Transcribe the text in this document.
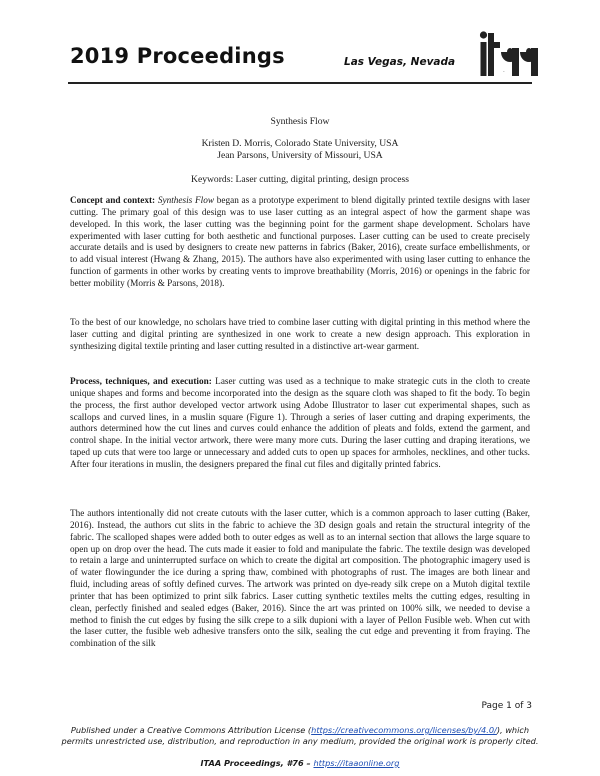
2019 Proceedings	Las Vegas, Nevada
itaa
Synthesis Flow
Kristen D. Morris, Colorado State University, USA
Jean Parsons, University of Missouri, USA
Keywords: Laser cutting, digital printing, design process

Concept and context: Synthesis Flow began as a prototype experiment to blend digitally printed textile designs with laser cutting. The primary goal of this design was to use laser cutting as an integral aspect of how the garment shape was developed. In this work, the laser cutting was the beginning point for the garment shape development. Scholars have experimented with laser cutting for both aesthetic and functional purposes. Laser cutting can be used to create precisely accurate details and is used by designers to create new patterns in fabrics (Baker, 2016), create surface embellishments, or to add visual interest (Hwang & Zhang, 2015). The authors have also experimented with using laser cutting to enhance the function of garments in other works by creating vents to improve breathability (Morris, 2016) or openings in the fabric for better mobility (Morris & Parsons, 2018).

To the best of our knowledge, no scholars have tried to combine laser cutting with digital printing in this method where the laser cutting and digital printing are synthesized in one work to create a new design approach. This exploration in synthesizing digital textile printing and laser cutting resulted in a distinctive art-wear garment.

Process, techniques, and execution: Laser cutting was used as a technique to make strategic cuts in the cloth to create unique shapes and forms and become incorporated into the design as the square cloth was shaped to fit the body. To begin the process, the first author developed vector artwork using Adobe Illustrator to laser cut experimental shapes, such as scallops and curved lines, in a muslin square (Figure 1). Through a series of laser cutting and draping experiments, the authors determined how the cut lines and curves could enhance the addition of pleats and folds, extend the garment, and control shape. In the initial vector artwork, there were many more cuts. During the laser cutting and draping iterations, we taped up cuts that were too large or unnecessary and added cuts to open up spaces for armholes, necklines, and other tucks. After four iterations in muslin, the designers prepared the final cut files and digitally printed fabrics.

The authors intentionally did not create cutouts with the laser cutter, which is a common approach to laser cutting (Baker, 2016). Instead, the authors cut slits in the fabric to achieve the 3D design goals and retain the structural integrity of the fabric. The scalloped shapes were added both to outer edges as well as to an internal section that allows the large square to open up on drop over the head. The cuts made it easier to fold and manipulate the fabric. The textile design was developed to retain a large and uninterrupted surface on which to create the digital art composition. The photographic imagery used is of water flowingunder the ice during a spring thaw, combined with photographs of rust. The images are both linear and fluid, including areas of softly defined curves. The artwork was printed on dye-ready silk crepe on a Mutoh digital textile printer that has been optimized to print silk fabrics. Laser cutting synthetic textiles melts the cutting edges, resulting in clean, perfectly finished and sealed edges (Baker, 2016). Since the art was printed on 100% silk, we needed to devise a method to finish the cut edges by fusing the silk crepe to a silk dupioni with a layer of Pellon Fusible web. When cut with the laser cutter, the fusible web adhesive transfers onto the silk, sealing the cut edge and preventing it from fraying. The combination of the silk

Page 1 of 3
Published under a Creative Commons Attribution License (https://creativecommons.org/licenses/by/4.0/), which permits unrestricted use, distribution, and reproduction in any medium, provided the original work is properly cited.
ITAA Proceedings, #76 – https://itaaonline.org
